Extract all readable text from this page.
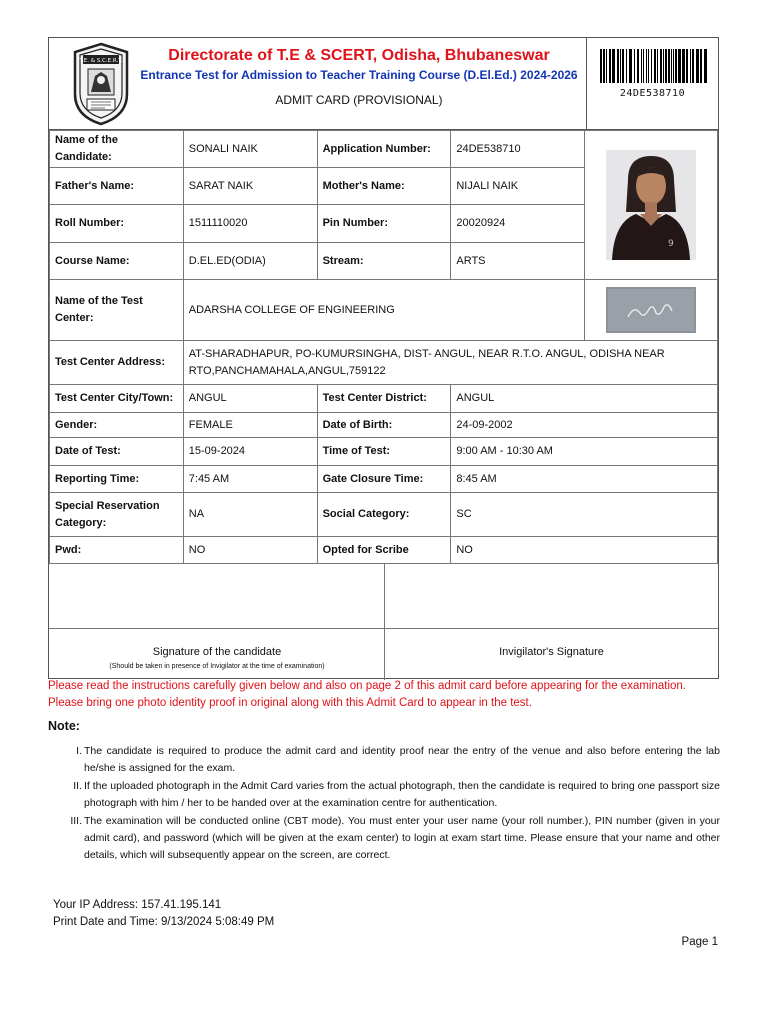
T.E. & S.C.E.R.T.	Directorate of T.E & SCERT, Odisha, Bhubaneswar
Entrance Test for Admission to Teacher Training Course (D.El.Ed.) 2024-2026
ADMIT CARD (PROVISIONAL)	24DE538710
Name of the Candidate:	SONALI NAIK	Application Number:	24DE538710	9

Father's Name:	SARAT NAIK	Mother's Name:	NIJALI NAIK	
Roll Number:	1511110020	Pin Number:	20020924	
Course Name:	D.EL.ED(ODIA)	Stream:	ARTS	
Name of the Test Center:	ADARSHA COLLEGE OF ENGINEERING	

Test Center Address:	AT-SHARADHAPUR, PO-KUMURSINGHA, DIST- ANGUL, NEAR R.T.O. ANGUL, ODISHA NEAR RTO,PANCHAMAHALA,ANGUL,759122			
Test Center City/Town:	ANGUL	Test Center District:	ANGUL	
Gender:	FEMALE	Date of Birth:	24-09-2002	
Date of Test:	15-09-2024	Time of Test:	9:00 AM - 10:30 AM	
Reporting Time:	7:45 AM	Gate Closure Time:	8:45 AM	
Special Reservation Category:	NA	Social Category:	SC	
Pwd:	NO	Opted for Scribe	NO	
Signature of the candidate
(Should be taken in presence of Invigilator at the time of examination)
Invigilator's Signature
Please read the instructions carefully given below and also on page 2 of this admit card before appearing for the examination.
Please bring one photo identity proof in original along with this Admit Card to appear in the test.
Note:
I. The candidate is required to produce the admit card and identity proof near the entry of the venue and also before entering the lab he/she is assigned for the exam.
II. If the uploaded photograph in the Admit Card varies from the actual photograph, then the candidate is required to bring one passport size photograph with him / her to be handed over at the examination centre for authentication.
III. The examination will be conducted online (CBT mode). You must enter your user name (your roll number.), PIN number (given in your admit card), and password (which will be given at the exam center) to login at exam start time. Please ensure that your name and other details, which will subsequently appear on the screen, are correct.
Your IP Address: 157.41.195.141
Print Date and Time: 9/13/2024 5:08:49 PM
Page 1
